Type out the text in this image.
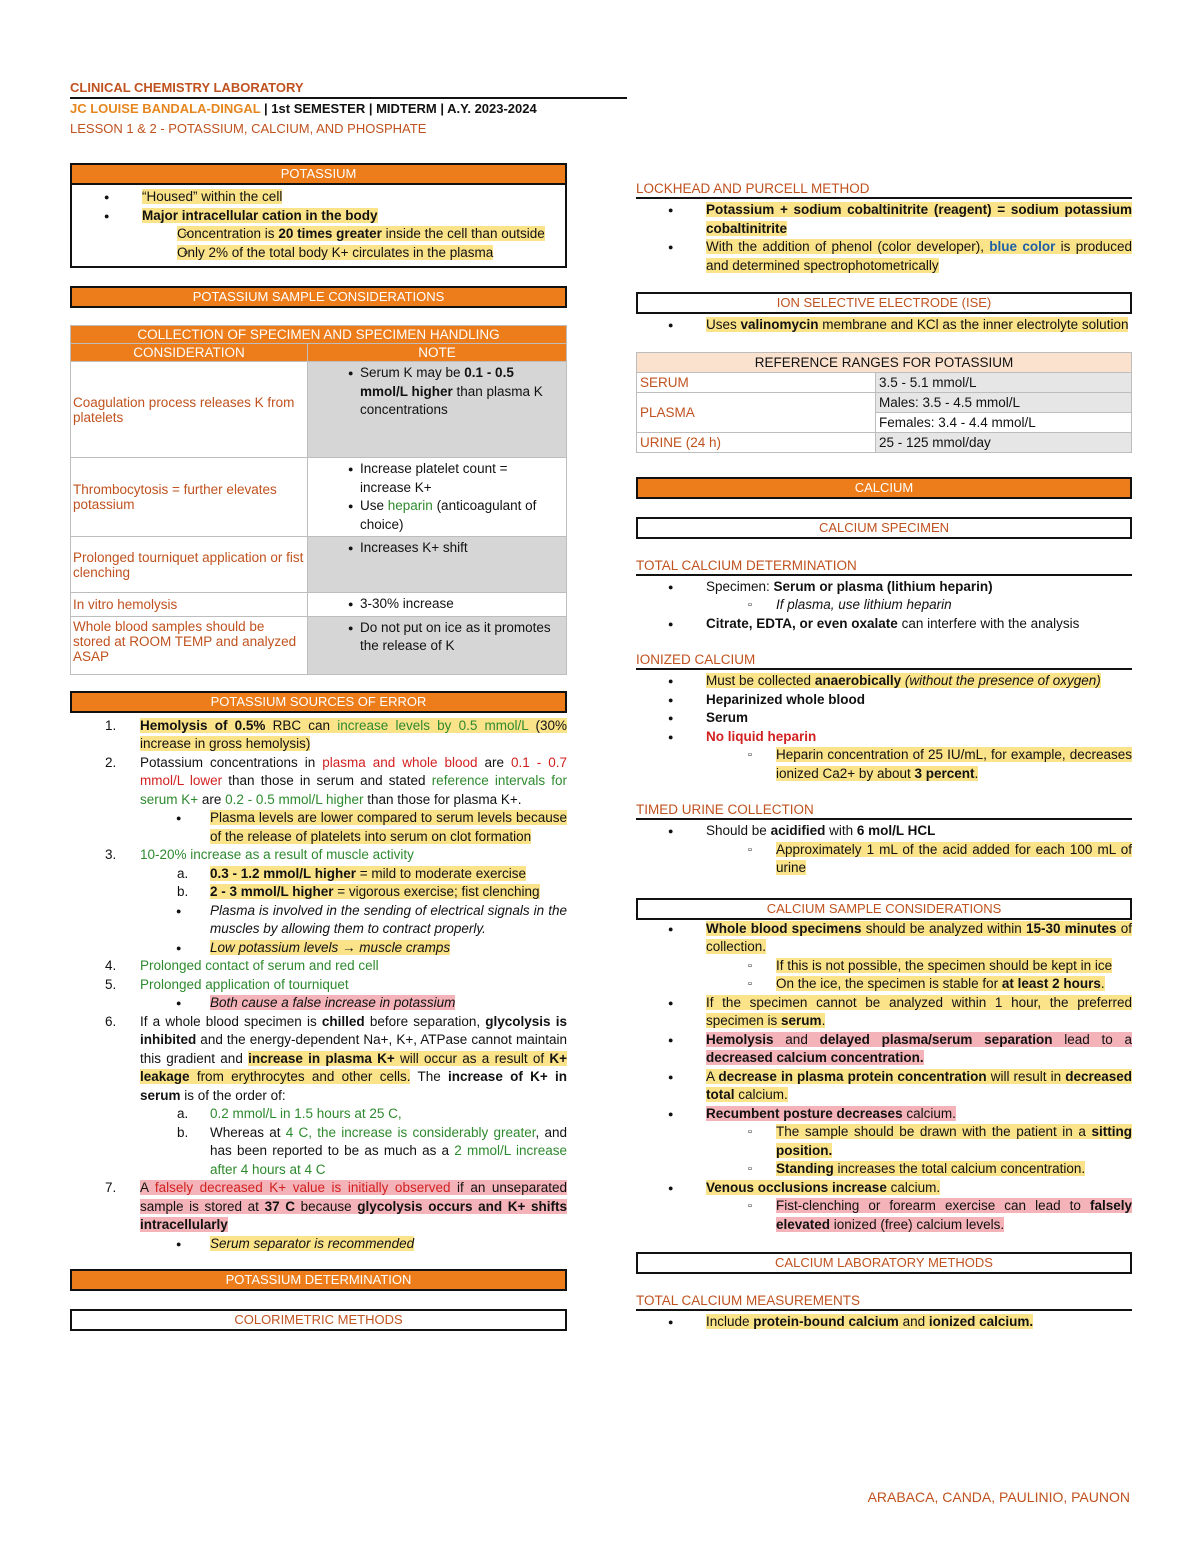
CLINICAL CHEMISTRY LABORATORY
JC LOUISE BANDALA-DINGAL | 1st SEMESTER | MIDTERM | A.Y. 2023-2024
LESSON 1 & 2 - POTASSIUM, CALCIUM, AND PHOSPHATE
POTASSIUM
● “Housed” within the cell
● Major intracellular cation in the body
▫ Concentration is 20 times greater inside the cell than outside
▫ Only 2% of the total body K+ circulates in the plasma
POTASSIUM SAMPLE CONSIDERATIONS
COLLECTION OF SPECIMEN AND SPECIMEN HANDLING	
CONSIDERATION	NOTE
Coagulation process releases K from platelets	● Serum K may be 0.1 - 0.5 mmol/L higher than plasma K concentrations

Thrombocytosis = further elevates potassium	● Increase platelet count = increase K+
● Use heparin (anticoagulant of choice)

Prolonged tourniquet application or fist clenching	● Increases K+ shift

In vitro hemolysis	● 3-30% increase

Whole blood samples should be stored at ROOM TEMP and analyzed ASAP	● Do not put on ice as it promotes the release of K
POTASSIUM SOURCES OF ERROR
1. Hemolysis of 0.5% RBC can increase levels by 0.5 mmol/L (30% increase in gross hemolysis)
2. Potassium concentrations in plasma and whole blood are 0.1 - 0.7 mmol/L lower than those in serum and stated reference intervals for serum K+ are 0.2 - 0.5 mmol/L higher than those for plasma K+.
● Plasma levels are lower compared to serum levels because of the release of platelets into serum on clot formation
3. 10-20% increase as a result of muscle activity
a. 0.3 - 1.2 mmol/L higher = mild to moderate exercise
b. 2 - 3 mmol/L higher = vigorous exercise; fist clenching
● Plasma is involved in the sending of electrical signals in the muscles by allowing them to contract properly.
● Low potassium levels → muscle cramps
4. Prolonged contact of serum and red cell
5. Prolonged application of tourniquet
● Both cause a false increase in potassium
6. If a whole blood specimen is chilled before separation, glycolysis is inhibited and the energy-dependent Na+, K+, ATPase cannot maintain this gradient and increase in plasma K+ will occur as a result of K+ leakage from erythrocytes and other cells. The increase of K+ in serum is of the order of:
a. 0.2 mmol/L in 1.5 hours at 25 C,
b. Whereas at 4 C, the increase is considerably greater, and has been reported to be as much as a 2 mmol/L increase after 4 hours at 4 C
7. A falsely decreased K+ value is initially observed if an unseparated sample is stored at 37 C because glycolysis occurs and K+ shifts intracellularly
● Serum separator is recommended
POTASSIUM DETERMINATION
COLORIMETRIC METHODS
LOCKHEAD AND PURCELL METHOD
● Potassium + sodium cobaltinitrite (reagent) = sodium potassium cobaltinitrite
● With the addition of phenol (color developer), blue color is produced and determined spectrophotometrically
ION SELECTIVE ELECTRODE (ISE)
● Uses valinomycin membrane and KCl as the inner electrolyte solution
REFERENCE RANGES FOR POTASSIUM	
SERUM	3.5 - 5.1 mmol/L
PLASMA	Males: 3.5 - 4.5 mmol/L
	Females: 3.4 - 4.4 mmol/L
URINE (24 h)	25 - 125 mmol/day
CALCIUM
CALCIUM SPECIMEN
TOTAL CALCIUM DETERMINATION
● Specimen: Serum or plasma (lithium heparin)
▫ If plasma, use lithium heparin
● Citrate, EDTA, or even oxalate can interfere with the analysis
IONIZED CALCIUM
● Must be collected anaerobically (without the presence of oxygen)
● Heparinized whole blood
● Serum
● No liquid heparin
▫ Heparin concentration of 25 IU/mL, for example, decreases ionized Ca2+ by about 3 percent.
TIMED URINE COLLECTION
● Should be acidified with 6 mol/L HCL
▫ Approximately 1 mL of the acid added for each 100 mL of urine
CALCIUM SAMPLE CONSIDERATIONS
● Whole blood specimens should be analyzed within 15-30 minutes of collection.
▫ If this is not possible, the specimen should be kept in ice
▫ On the ice, the specimen is stable for at least 2 hours.
● If the specimen cannot be analyzed within 1 hour, the preferred specimen is serum.
● Hemolysis and delayed plasma/serum separation lead to a decreased calcium concentration.
● A decrease in plasma protein concentration will result in decreased total calcium.
● Recumbent posture decreases calcium.
▫ The sample should be drawn with the patient in a sitting position.
▫ Standing increases the total calcium concentration.
● Venous occlusions increase calcium.
▫ Fist-clenching or forearm exercise can lead to falsely elevated ionized (free) calcium levels.
CALCIUM LABORATORY METHODS
TOTAL CALCIUM MEASUREMENTS
● Include protein-bound calcium and ionized calcium.
ARABACA, CANDA, PAULINIO, PAUNON
